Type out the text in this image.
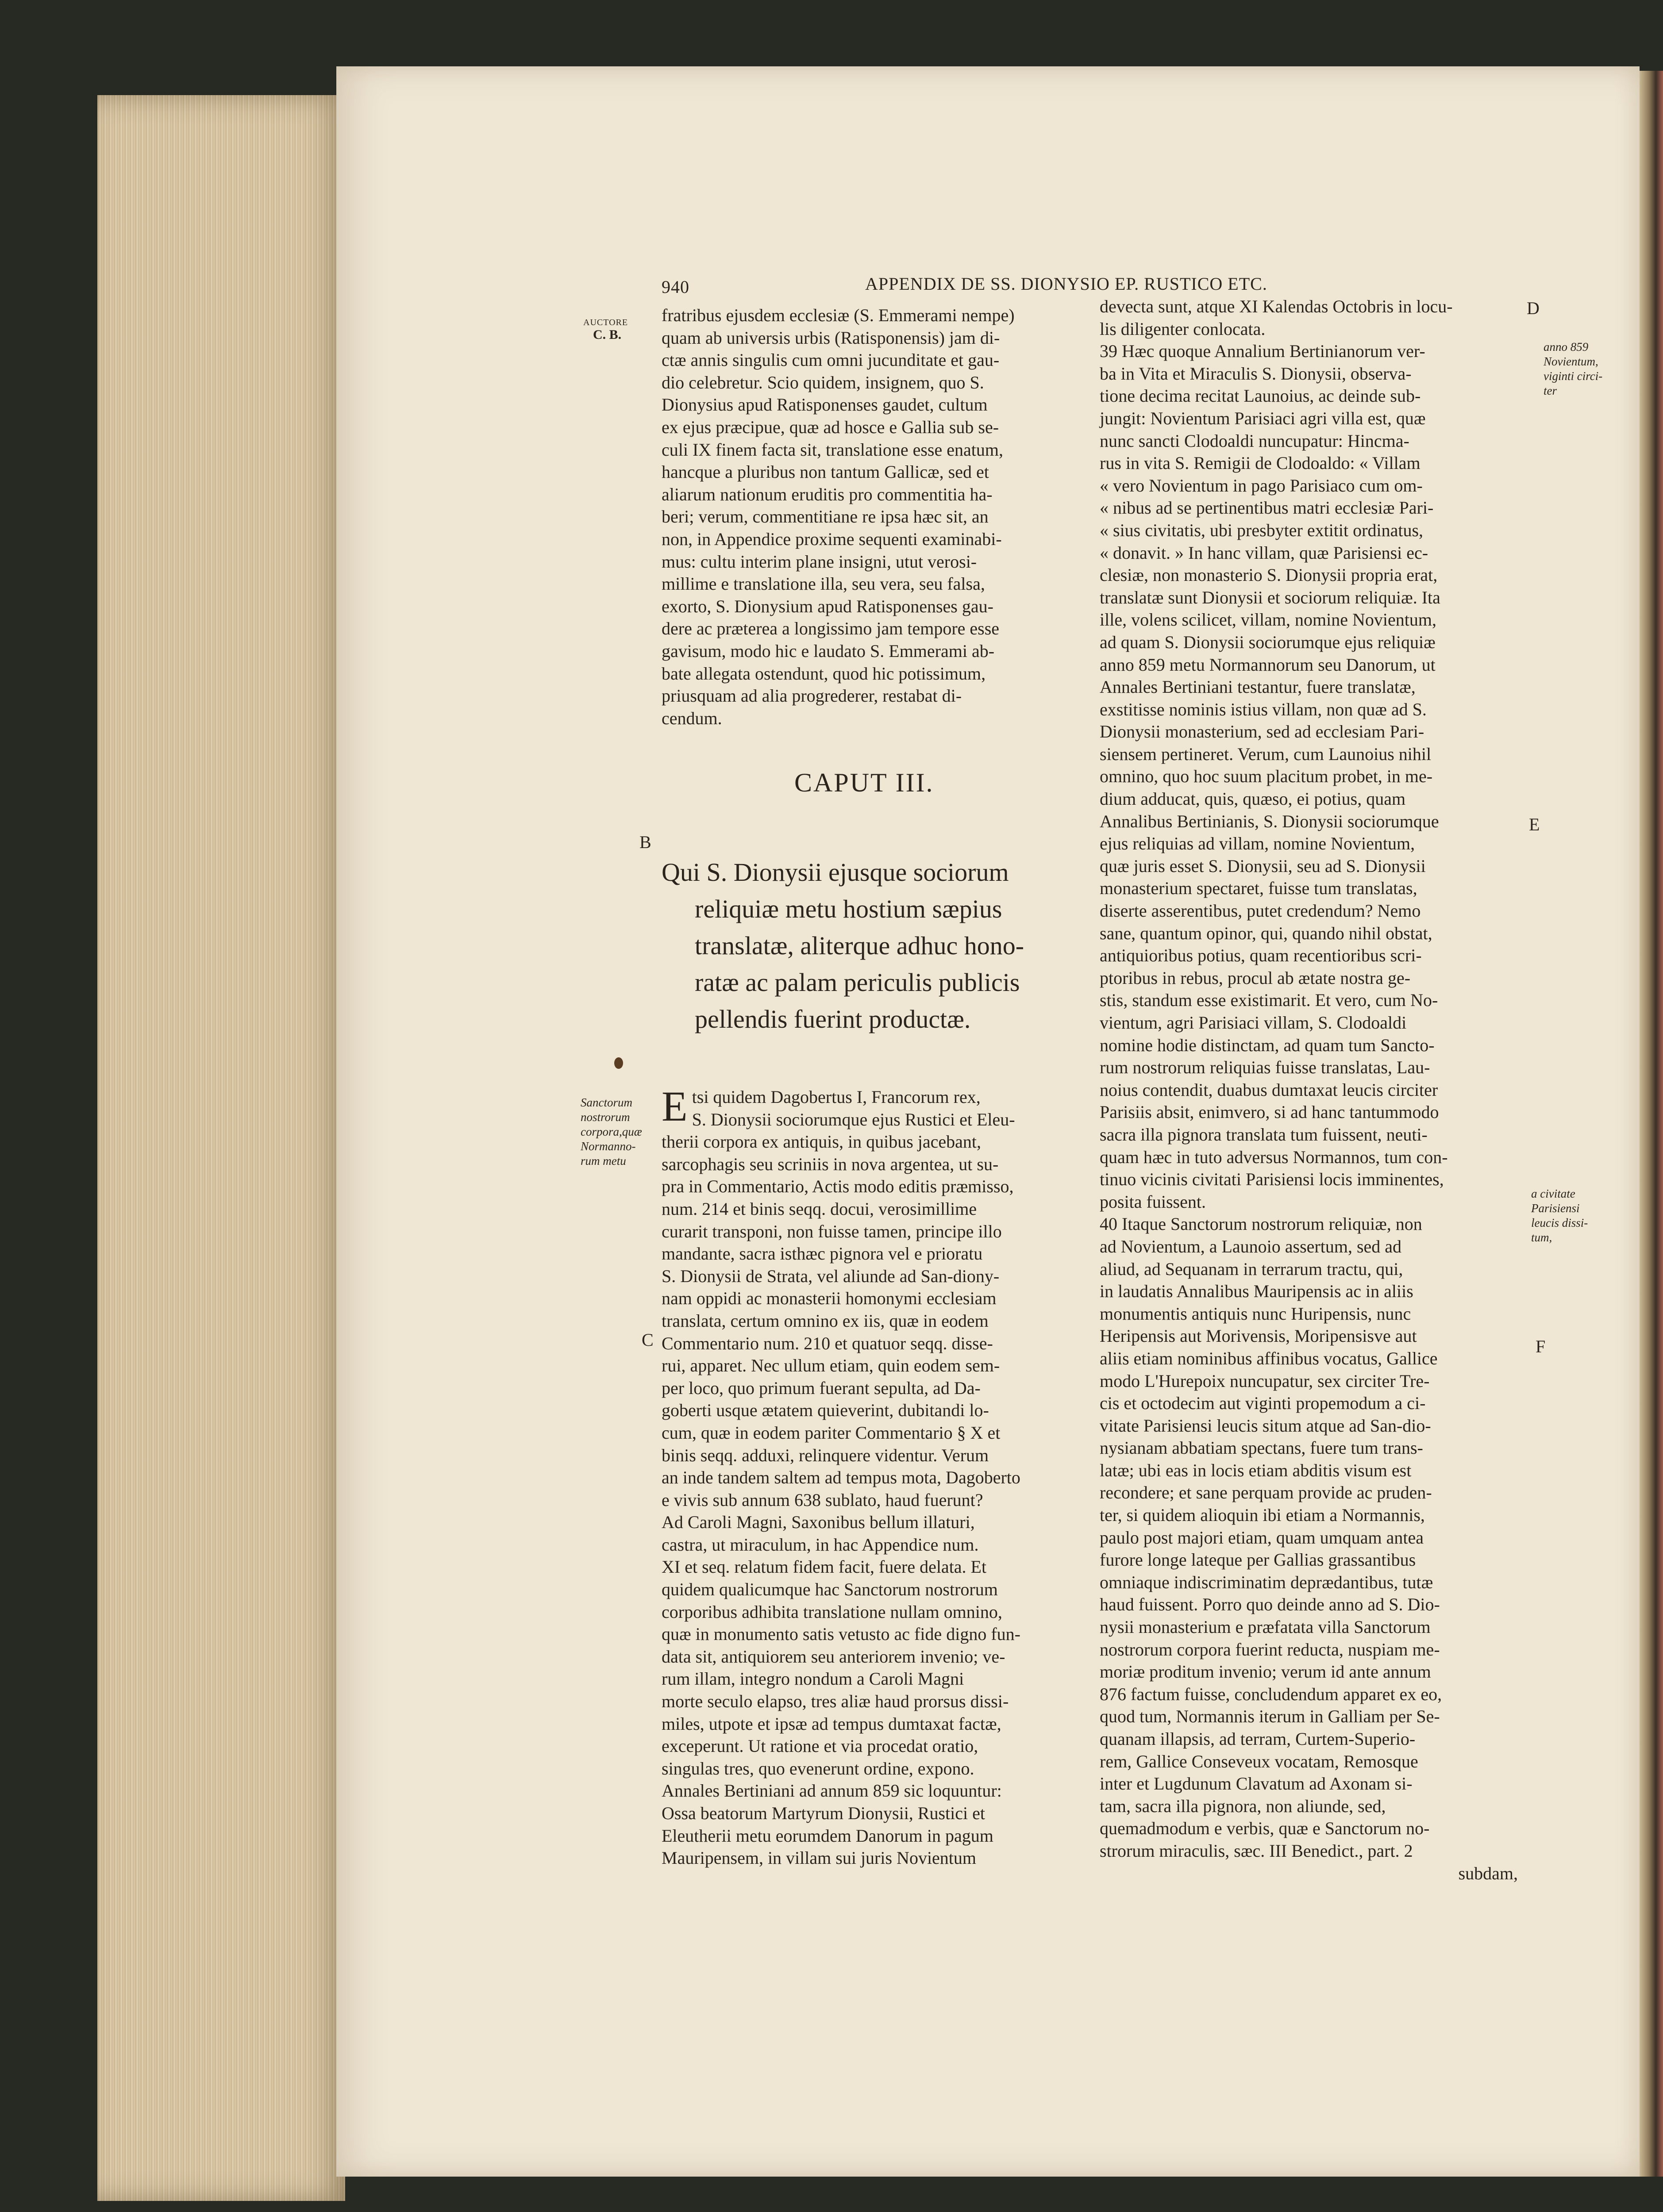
940	APPENDIX DE SS. DIONYSIO EP. RUSTICO ETC.
AUCTORE
C. B.
Sanctorum
nostrorum
corpora,quæ
Normanno-
rum metu
anno 859
Novientum,
viginti circi-
ter
a civitate
Parisiensi
leucis dissi-
tum,
B
C
D
E
F

fratribus ejusdem ecclesiæ (S. Emmerami nempe)

quam ab universis urbis (Ratisponensis) jam di-

ctæ annis singulis cum omni jucunditate et gau-

dio celebretur. Scio quidem, insignem, quo S.

Dionysius apud Ratisponenses gaudet, cultum

ex ejus præcipue, quæ ad hosce e Gallia sub se-

culi IX finem facta sit, translatione esse enatum,

hancque a pluribus non tantum Gallicæ, sed et

aliarum nationum eruditis pro commentitia ha-

beri; verum, commentitiane re ipsa hæc sit, an

non, in Appendice proxime sequenti examinabi-

mus: cultu interim plane insigni, utut verosi-

millime e translatione illa, seu vera, seu falsa,

exorto, S. Dionysium apud Ratisponenses gau-

dere ac præterea a longissimo jam tempore esse

gavisum, modo hic e laudato S. Emmerami ab-

bate allegata ostendunt, quod hic potissimum,

priusquam ad alia progrederer, restabat di-

cendum.

CAPUT III.

Qui S. Dionysii ejusque sociorum

reliquiæ metu hostium sæpius

translatæ, aliterque adhuc hono-

ratæ ac palam periculis publicis

pellendis fuerint productæ.

E tsi quidem Dagobertus I, Francorum rex,

S. Dionysii sociorumque ejus Rustici et Eleu-

therii corpora ex antiquis, in quibus jacebant,

sarcophagis seu scriniis in nova argentea, ut su-

pra in Commentario, Actis modo editis præmisso,

num. 214 et binis seqq. docui, verosimillime

curarit transponi, non fuisse tamen, principe illo

mandante, sacra isthæc pignora vel e prioratu

S. Dionysii de Strata, vel aliunde ad San-diony-

nam oppidi ac monasterii homonymi ecclesiam

translata, certum omnino ex iis, quæ in eodem

Commentario num. 210 et quatuor seqq. disse-

rui, apparet. Nec ullum etiam, quin eodem sem-

per loco, quo primum fuerant sepulta, ad Da-

goberti usque ætatem quieverint, dubitandi lo-

cum, quæ in eodem pariter Commentario § X et

binis seqq. adduxi, relinquere videntur. Verum

an inde tandem saltem ad tempus mota, Dagoberto

e vivis sub annum 638 sublato, haud fuerunt?

Ad Caroli Magni, Saxonibus bellum illaturi,

castra, ut miraculum, in hac Appendice num.

XI et seq. relatum fidem facit, fuere delata. Et

quidem qualicumque hac Sanctorum nostrorum

corporibus adhibita translatione nullam omnino,

quæ in monumento satis vetusto ac fide digno fun-

data sit, antiquiorem seu anteriorem invenio; ve-

rum illam, integro nondum a Caroli Magni

morte seculo elapso, tres aliæ haud prorsus dissi-

miles, utpote et ipsæ ad tempus dumtaxat factæ,

exceperunt. Ut ratione et via procedat oratio,

singulas tres, quo evenerunt ordine, expono.

Annales Bertiniani ad annum 859 sic loquuntur:

Ossa beatorum Martyrum Dionysii, Rustici et

Eleutherii metu eorumdem Danorum in pagum

Mauripensem, in villam sui juris Novientum

devecta sunt, atque XI Kalendas Octobris in locu-

lis diligenter conlocata.

39 Hæc quoque Annalium Bertinianorum ver-

ba in Vita et Miraculis S. Dionysii, observa-

tione decima recitat Launoius, ac deinde sub-

jungit: Novientum Parisiaci agri villa est, quæ

nunc sancti Clodoaldi nuncupatur: Hincma-

rus in vita S. Remigii de Clodoaldo: « Villam

« vero Novientum in pago Parisiaco cum om-

« nibus ad se pertinentibus matri ecclesiæ Pari-

« sius civitatis, ubi presbyter extitit ordinatus,

« donavit. » In hanc villam, quæ Parisiensi ec-

clesiæ, non monasterio S. Dionysii propria erat,

translatæ sunt Dionysii et sociorum reliquiæ. Ita

ille, volens scilicet, villam, nomine Novientum,

ad quam S. Dionysii sociorumque ejus reliquiæ

anno 859 metu Normannorum seu Danorum, ut

Annales Bertiniani testantur, fuere translatæ,

exstitisse nominis istius villam, non quæ ad S.

Dionysii monasterium, sed ad ecclesiam Pari-

siensem pertineret. Verum, cum Launoius nihil

omnino, quo hoc suum placitum probet, in me-

dium adducat, quis, quæso, ei potius, quam

Annalibus Bertinianis, S. Dionysii sociorumque

ejus reliquias ad villam, nomine Novientum,

quæ juris esset S. Dionysii, seu ad S. Dionysii

monasterium spectaret, fuisse tum translatas,

diserte asserentibus, putet credendum? Nemo

sane, quantum opinor, qui, quando nihil obstat,

antiquioribus potius, quam recentioribus scri-

ptoribus in rebus, procul ab ætate nostra ge-

stis, standum esse existimarit. Et vero, cum No-

vientum, agri Parisiaci villam, S. Clodoaldi

nomine hodie distinctam, ad quam tum Sancto-

rum nostrorum reliquias fuisse translatas, Lau-

noius contendit, duabus dumtaxat leucis circiter

Parisiis absit, enimvero, si ad hanc tantummodo

sacra illa pignora translata tum fuissent, neuti-

quam hæc in tuto adversus Normannos, tum con-

tinuo vicinis civitati Parisiensi locis imminentes,

posita fuissent.

40 Itaque Sanctorum nostrorum reliquiæ, non

ad Novientum, a Launoio assertum, sed ad

aliud, ad Sequanam in terrarum tractu, qui,

in laudatis Annalibus Mauripensis ac in aliis

monumentis antiquis nunc Huripensis, nunc

Heripensis aut Morivensis, Moripensisve aut

aliis etiam nominibus affinibus vocatus, Gallice

modo L'Hurepoix nuncupatur, sex circiter Tre-

cis et octodecim aut viginti propemodum a ci-

vitate Parisiensi leucis situm atque ad San-dio-

nysianam abbatiam spectans, fuere tum trans-

latæ; ubi eas in locis etiam abditis visum est

recondere; et sane perquam provide ac pruden-

ter, si quidem alioquin ibi etiam a Normannis,

paulo post majori etiam, quam umquam antea

furore longe lateque per Gallias grassantibus

omniaque indiscriminatim deprædantibus, tutæ

haud fuissent. Porro quo deinde anno ad S. Dio-

nysii monasterium e præfatata villa Sanctorum

nostrorum corpora fuerint reducta, nuspiam me-

moriæ proditum invenio; verum id ante annum

876 factum fuisse, concludendum apparet ex eo,

quod tum, Normannis iterum in Galliam per Se-

quanam illapsis, ad terram, Curtem-Superio-

rem, Gallice Conseveux vocatam, Remosque

inter et Lugdunum Clavatum ad Axonam si-

tam, sacra illa pignora, non aliunde, sed,

quemadmodum e verbis, quæ e Sanctorum no-

strorum miraculis, sæc. III Benedict., part. 2

subdam,
